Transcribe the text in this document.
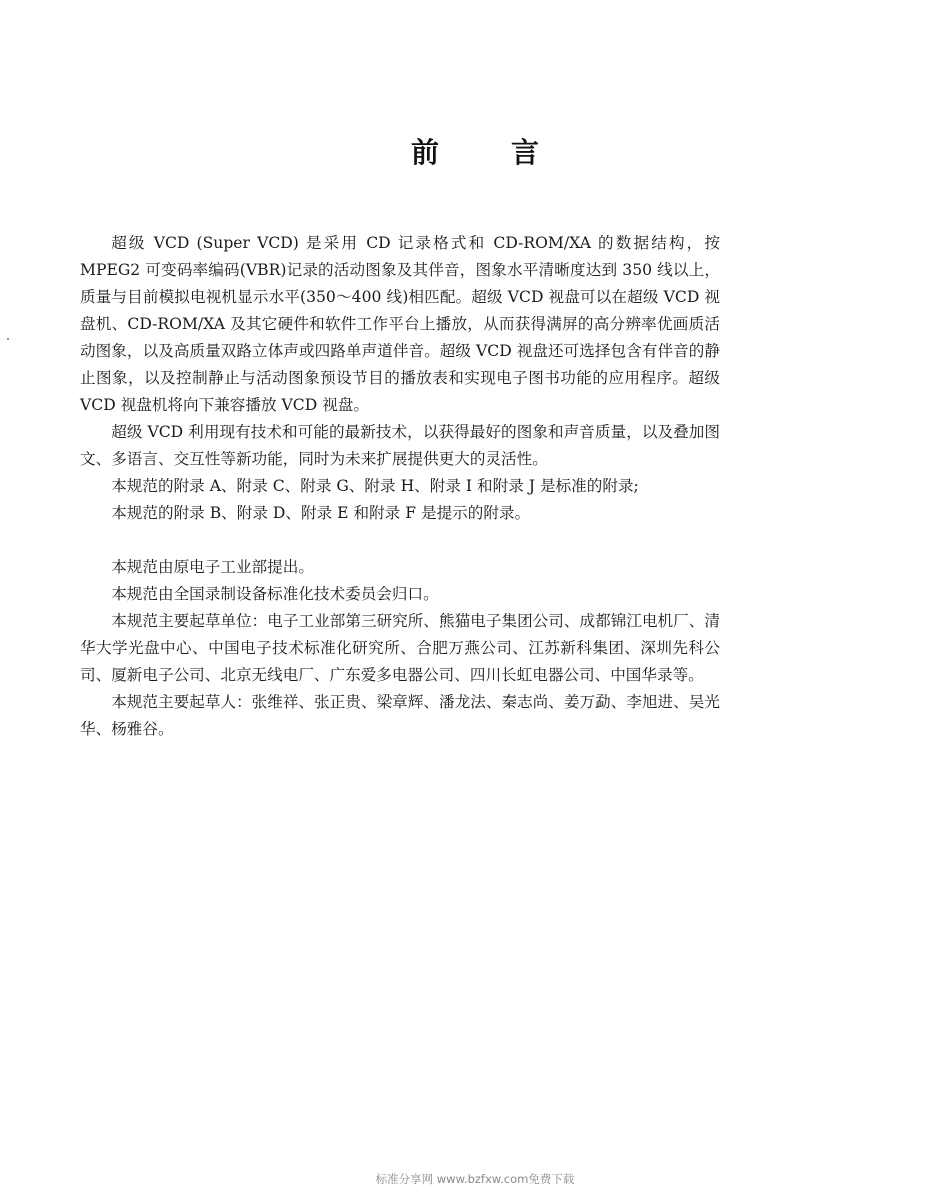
前	言

超级 VCD (Super VCD) 是采用 CD 记录格式和 CD-ROM/XA 的数据结构，按 MPEG2 可变码率编码(VBR)记录的活动图象及其伴音，图象水平清晰度达到 350 线以上，质量与目前模拟电视机显示水平(350～400 线)相匹配。超级 VCD 视盘可以在超级 VCD 视盘机、CD-ROM/XA 及其它硬件和软件工作平台上播放，从而获得满屏的高分辨率优画质活动图象，以及高质量双路立体声或四路单声道伴音。超级 VCD 视盘还可选择包含有伴音的静止图象，以及控制静止与活动图象预设节目的播放表和实现电子图书功能的应用程序。超级 VCD 视盘机将向下兼容播放 VCD 视盘。

超级 VCD 利用现有技术和可能的最新技术，以获得最好的图象和声音质量，以及叠加图文、多语言、交互性等新功能，同时为未来扩展提供更大的灵活性。

本规范的附录 A、附录 C、附录 G、附录 H、附录 I 和附录 J 是标准的附录;

本规范的附录 B、附录 D、附录 E 和附录 F 是提示的附录。

本规范由原电子工业部提出。

本规范由全国录制设备标准化技术委员会归口。

本规范主要起草单位：电子工业部第三研究所、熊猫电子集团公司、成都锦江电机厂、清华大学光盘中心、中国电子技术标准化研究所、合肥万燕公司、江苏新科集团、深圳先科公司、厦新电子公司、北京无线电厂、广东爱多电器公司、四川长虹电器公司、中国华录等。

本规范主要起草人：张维祥、张正贵、梁章辉、潘龙法、秦志尚、姜万勐、李旭进、吴光华、杨雅谷。

标准分享网 www.bzfxw.com免费下载
